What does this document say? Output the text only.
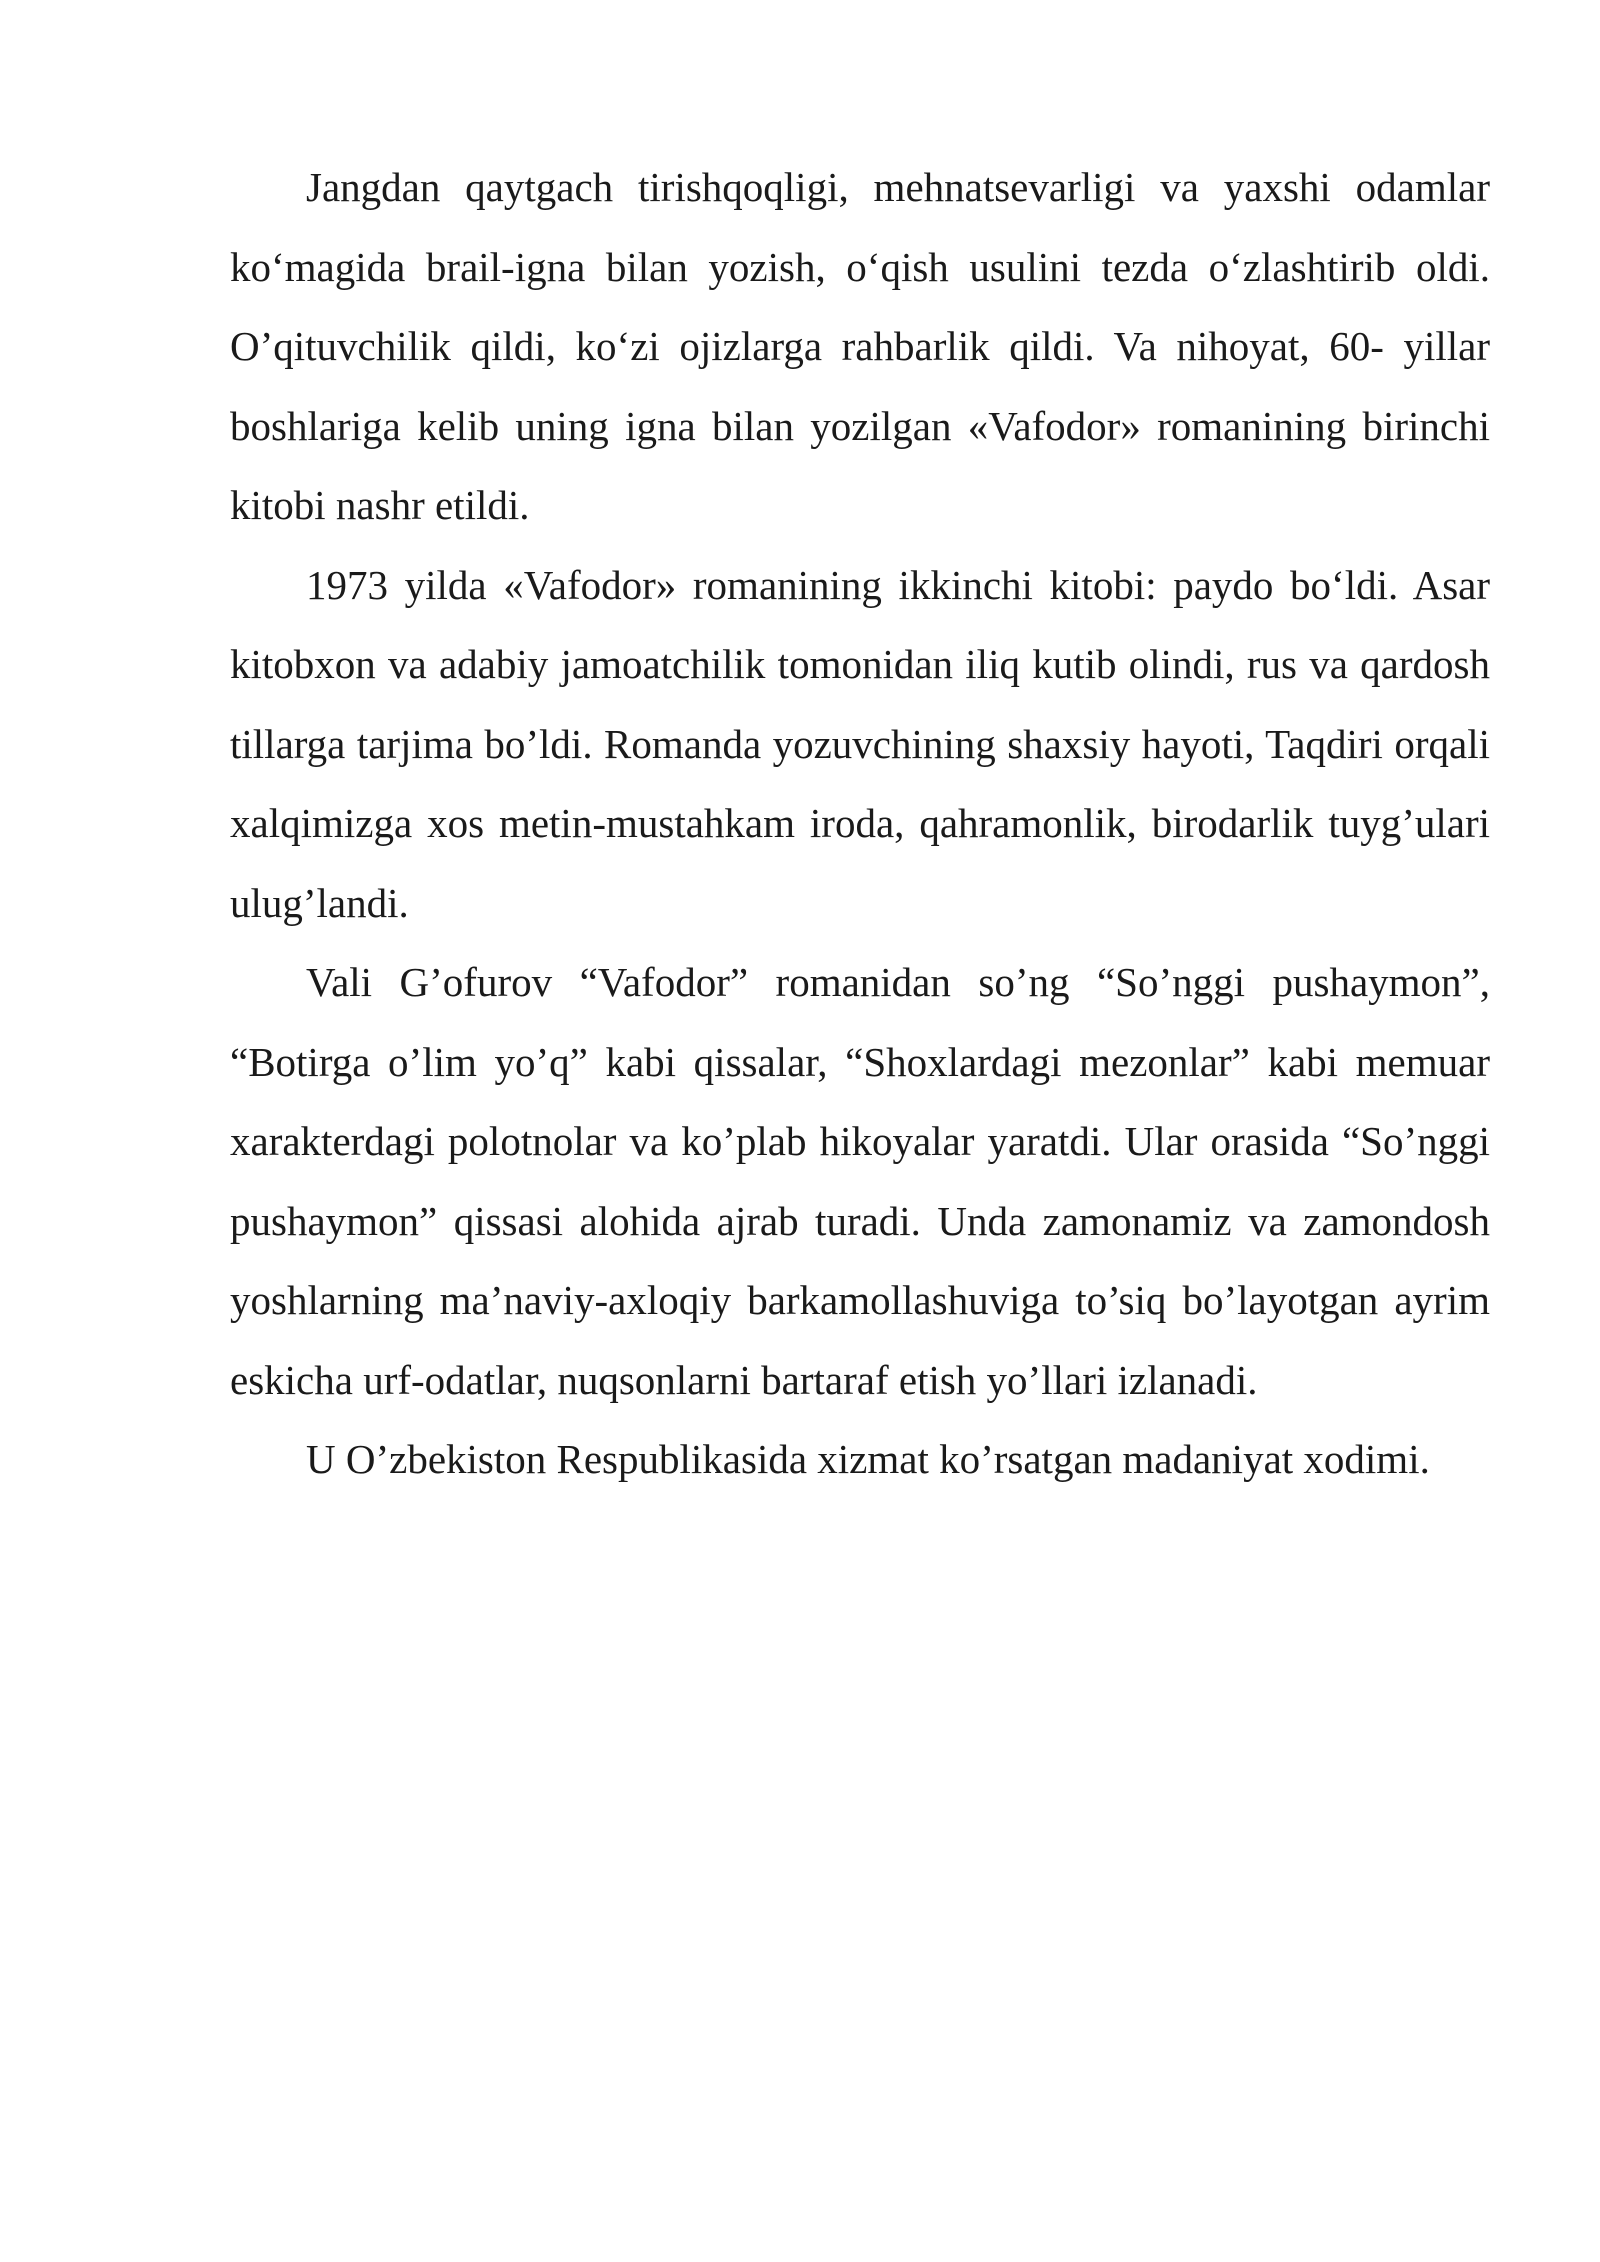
Jangdan qaytgach tirishqoqligi, mehnatsevarligi va yaxshi odamlar ko‘magida brail-igna bilan yozish, o‘qish usulini tezda o‘zlashtirib oldi. O’qituvchilik qildi, ko‘zi ojizlarga rahbarlik qildi. Va nihoyat, 60- yillar boshlariga kelib uning igna bilan yozilgan «Vafodor» romanining birinchi kitobi nashr etildi.

1973 yilda «Vafodor» romanining ikkinchi kitobi: paydo bo‘ldi. Asar kitobxon va adabiy jamoatchilik tomonidan iliq kutib olindi, rus va qardosh tillarga tarjima bo’ldi. Romanda yozuvchining shaxsiy hayoti, Taqdiri orqali xalqimizga xos metin-mustahkam iroda, qahramonlik, birodarlik tuyg’ulari ulug’landi.

Vali G’ofurov “Vafodor” romanidan so’ng “So’nggi pushaymon”, “Botirga o’lim yo’q” kabi qissalar, “Shoxlardagi mezonlar” kabi memuar xarakterdagi polotnolar va ko’plab hikoyalar yaratdi. Ular orasida “So’nggi pushaymon” qissasi alohida ajrab turadi. Unda zamonamiz va zamondosh yoshlarning ma’naviy-axloqiy barkamollashuviga to’siq bo’layotgan ayrim eskicha urf-odatlar, nuqsonlarni bartaraf etish yo’llari izlanadi.

U O’zbekiston Respublikasida xizmat ko’rsatgan madaniyat xodimi.
